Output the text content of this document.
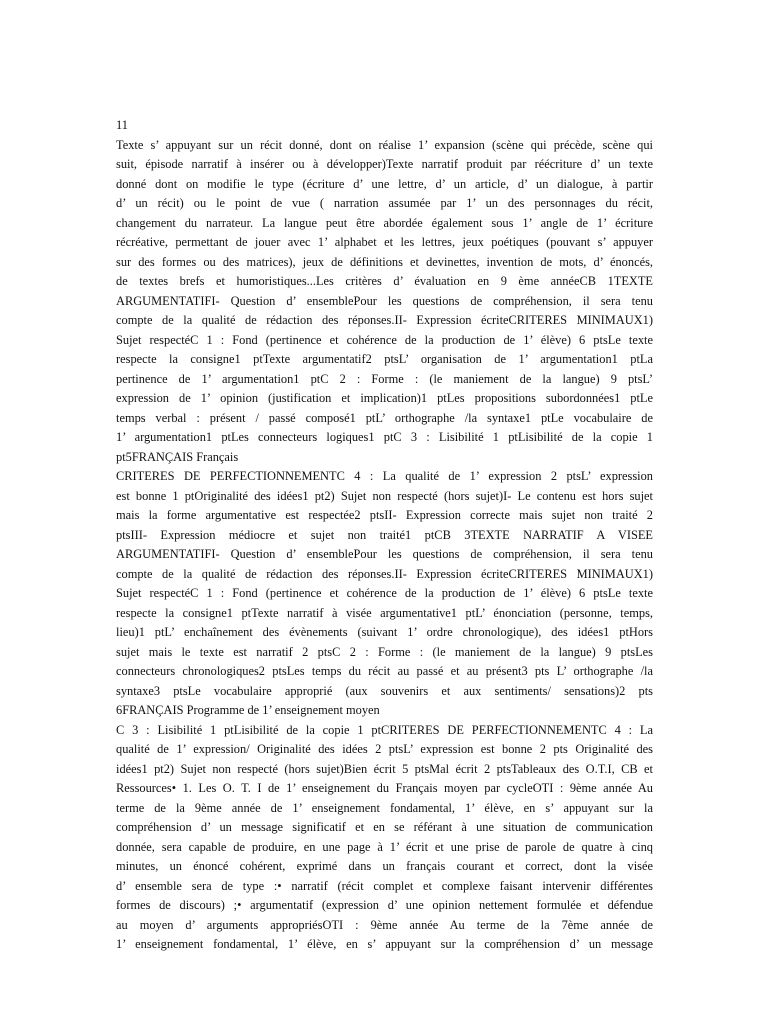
11

Texte s’ appuyant sur un récit donné, dont on réalise 1’ expansion (scène qui précède, scène qui

suit, épisode narratif à insérer ou à développer)Texte narratif produit par réécriture d’ un texte

donné dont on modifie le type (écriture d’ une lettre, d’ un article, d’ un dialogue, à partir

d’ un récit) ou le point de vue ( narration assumée par 1’ un des personnages du récit,

changement du narrateur. La langue peut être abordée également sous 1’ angle de 1’ écriture

récréative, permettant de jouer avec 1’ alphabet et les lettres, jeux poétiques (pouvant s’ appuyer

sur des formes ou des matrices), jeux de définitions et devinettes, invention de mots, d’ énoncés,

de textes brefs et humoristiques...Les critères d’ évaluation en 9 ème annéeCB 1TEXTE

ARGUMENTATIFI- Question d’ ensemblePour les questions de compréhension, il sera tenu

compte de la qualité de rédaction des réponses.II- Expression écriteCRITERES MINIMAUX1)

Sujet respectéC 1 : Fond (pertinence et cohérence de la production de 1’ élève) 6 ptsLe texte

respecte la consigne1 ptTexte argumentatif2 ptsL’ organisation de 1’ argumentation1 ptLa

pertinence de 1’ argumentation1 ptC 2 : Forme : (le maniement de la langue) 9 ptsL’

expression de 1’ opinion (justification et implication)1 ptLes propositions subordonnées1 ptLe

temps verbal : présent / passé composé1 ptL’ orthographe /la syntaxe1 ptLe vocabulaire de

1’ argumentation1 ptLes connecteurs logiques1 ptC 3 : Lisibilité 1 ptLisibilité de la copie 1

pt5FRANÇAIS Français

CRITERES DE PERFECTIONNEMENTC 4 : La qualité de 1’ expression 2 ptsL’ expression

est bonne 1 ptOriginalité des idées1 pt2) Sujet non respecté (hors sujet)I- Le contenu est hors sujet

mais la forme argumentative est respectée2 ptsII- Expression correcte mais sujet non traité 2

ptsIII- Expression médiocre et sujet non traité1 ptCB 3TEXTE NARRATIF A VISEE

ARGUMENTATIFI- Question d’ ensemblePour les questions de compréhension, il sera tenu

compte de la qualité de rédaction des réponses.II- Expression écriteCRITERES MINIMAUX1)

Sujet respectéC 1 : Fond (pertinence et cohérence de la production de 1’ élève) 6 ptsLe texte

respecte la consigne1 ptTexte narratif à visée argumentative1 ptL’ énonciation (personne, temps,

lieu)1 ptL’ enchaînement des évènements (suivant 1’ ordre chronologique), des idées1 ptHors

sujet mais le texte est narratif 2 ptsC 2 : Forme : (le maniement de la langue) 9 ptsLes

connecteurs chronologiques2 ptsLes temps du récit au passé et au présent3 pts L’ orthographe /la

syntaxe3 ptsLe vocabulaire approprié (aux souvenirs et aux sentiments/ sensations)2 pts

6FRANÇAIS Programme de 1’ enseignement moyen

C 3 : Lisibilité 1 ptLisibilité de la copie 1 ptCRITERES DE PERFECTIONNEMENTC 4 : La

qualité de 1’ expression/ Originalité des idées 2 ptsL’ expression est bonne 2 pts Originalité des

idées1 pt2) Sujet non respecté (hors sujet)Bien écrit 5 ptsMal écrit 2 ptsTableaux des O.T.I, CB et

Ressources• 1. Les O. T. I de 1’ enseignement du Français moyen par cycleOTI : 9ème année Au

terme de la 9ème année de 1’ enseignement fondamental, 1’ élève, en s’ appuyant sur la

compréhension d’ un message significatif et en se référant à une situation de communication

donnée, sera capable de produire, en une page à 1’ écrit et une prise de parole de quatre à cinq

minutes, un énoncé cohérent, exprimé dans un français courant et correct, dont la visée

d’ ensemble sera de type :• narratif (récit complet et complexe faisant intervenir différentes

formes de discours) ;• argumentatif (expression d’ une opinion nettement formulée et défendue

au moyen d’ arguments appropriésOTI : 9ème année Au terme de la 7ème année de

1’ enseignement fondamental, 1’ élève, en s’ appuyant sur la compréhension d’ un message
